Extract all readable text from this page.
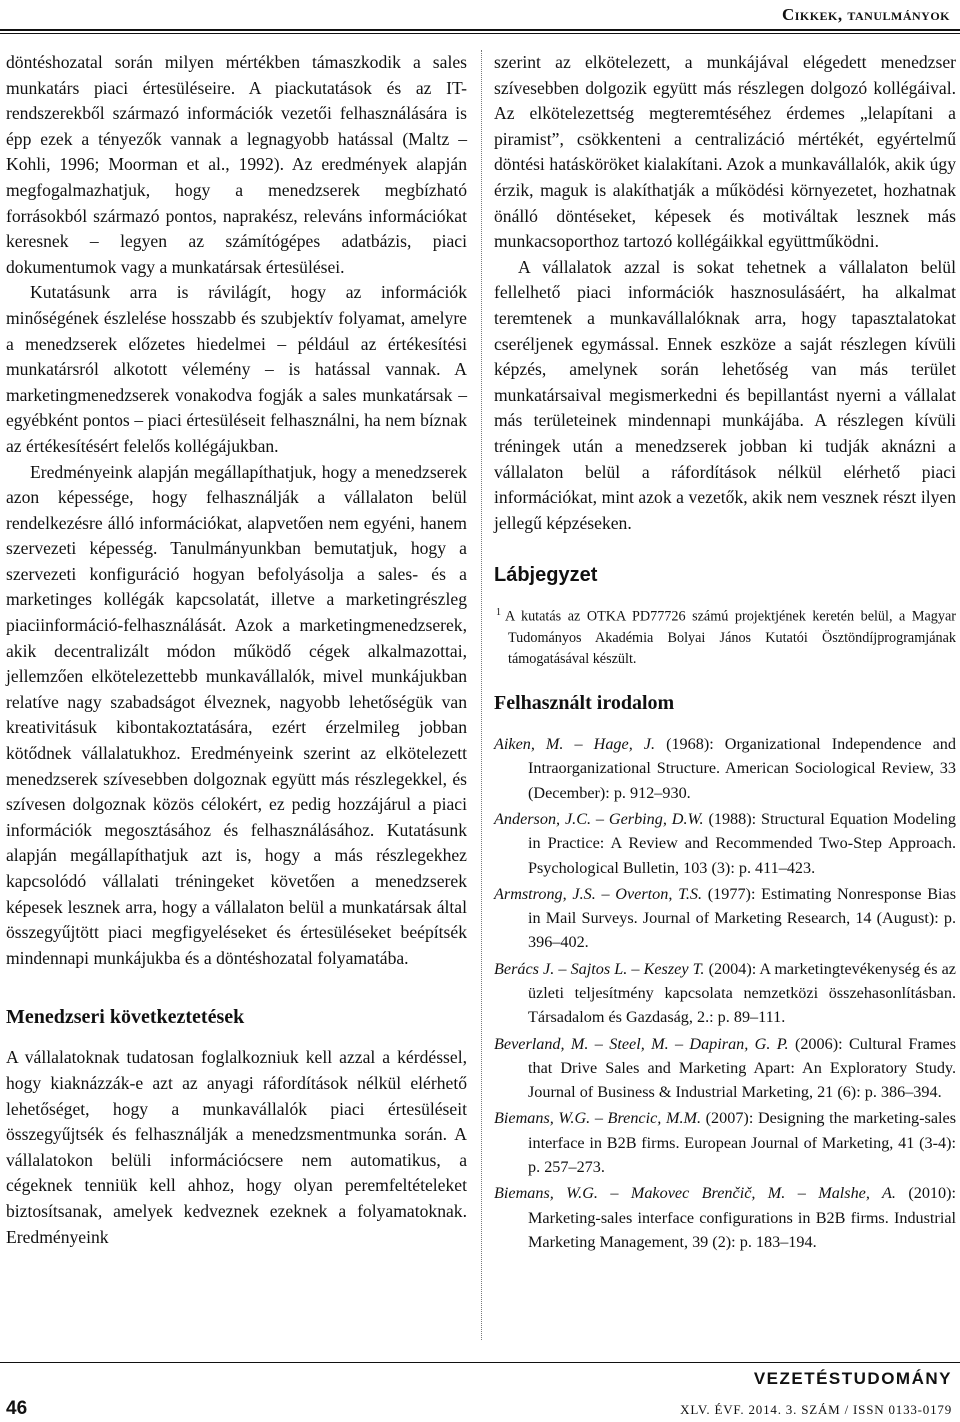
Cikkek, tanulmányok

döntéshozatal során milyen mértékben támaszkodik a sales munkatárs piaci értesüléseire. A piackutatások és az IT-rendszerekből származó információk vezetői felhasználására is épp ezek a tényezők vannak a legnagyobb hatással (Maltz – Kohli, 1996; Moorman et al., 1992). Az eredmények alapján megfogalmazhatjuk, hogy a menedzserek megbízható forrásokból származó pontos, naprakész, releváns információkat keresnek – legyen az számítógépes adatbázis, piaci dokumentumok vagy a munkatársak értesülései.

Kutatásunk arra is rávilágít, hogy az információk minőségének észlelése hosszabb és szubjektív folyamat, amelyre a menedzserek előzetes hiedelmei – például az értékesítési munkatársról alkotott vélemény – is hatással vannak. A marketingmenedzserek vonakodva fogják a sales munkatársak – egyébként pontos – piaci értesüléseit felhasználni, ha nem bíznak az értékesítésért felelős kollégájukban.

Eredményeink alapján megállapíthatjuk, hogy a menedzserek azon képessége, hogy felhasználják a vállalaton belül rendelkezésre álló információkat, alapvetően nem egyéni, hanem szervezeti képesség. Tanulmányunkban bemutatjuk, hogy a szervezeti konfiguráció hogyan befolyásolja a sales- és a marketinges kollégák kapcsolatát, illetve a marketingrészleg piaciinformáció-felhasználását. Azok a marketingmenedzserek, akik decentralizált módon működő cégek alkalmazottai, jellemzően elkötelezettebb munkavállalók, mivel munkájukban relatíve nagy szabadságot élveznek, nagyobb lehetőségük van kreativitásuk kibontakoztatására, ezért érzelmileg jobban kötődnek vállalatukhoz. Eredményeink szerint az elkötelezett menedzserek szívesebben dolgoznak együtt más részlegekkel, és szívesen dolgoznak közös célokért, ez pedig hozzájárul a piaci információk megosztásához és felhasználásához. Kutatásunk alapján megállapíthatjuk azt is, hogy a más részlegekhez kapcsolódó vállalati tréningeket követően a menedzserek képesek lesznek arra, hogy a vállalaton belül a munkatársak által összegyűjtött piaci megfigyeléseket és értesüléseket beépítsék mindennapi munkájukba és a döntéshozatal folyamatába.

Menedzseri következtetések

A vállalatoknak tudatosan foglalkozniuk kell azzal a kérdéssel, hogy kiaknázzák-e azt az anyagi ráfordítások nélkül elérhető lehetőséget, hogy a munkavállalók piaci értesüléseit összegyűjtsék és felhasználják a menedzsmentmunka során. A vállalatokon belüli információcsere nem automatikus, a cégeknek tenniük kell ahhoz, hogy olyan peremfeltételeket biztosítsanak, amelyek kedveznek ezeknek a folyamatoknak. Eredményeink

szerint az elkötelezett, a munkájával elégedett menedzser szívesebben dolgozik együtt más részlegen dolgozó kollégáival. Az elkötelezettség megteremtéséhez érdemes „lelapítani a piramist”, csökkenteni a centralizáció mértékét, egyértelmű döntési hatásköröket kialakítani. Azok a munkavállalók, akik úgy érzik, maguk is alakíthatják a működési környezetet, hozhatnak önálló döntéseket, képesek és motiváltak lesznek más munkacsoporthoz tartozó kollégáikkal együttműködni.

A vállalatok azzal is sokat tehetnek a vállalaton belül fellelhető piaci információk hasznosulásáért, ha alkalmat teremtenek a munkavállalóknak arra, hogy tapasztalatokat cseréljenek egymással. Ennek eszköze a saját részlegen kívüli képzés, amelynek során lehetőség van más terület munkatársaival megismerkedni és bepillantást nyerni a vállalat más területeinek mindennapi munkájába. A részlegen kívüli tréningek után a menedzserek jobban ki tudják aknázni a vállalaton belül a ráfordítások nélkül elérhető piaci információkat, mint azok a vezetők, akik nem vesznek részt ilyen jellegű képzéseken.

Lábjegyzet
$^1$ A kutatás az OTKA PD77726 számú projektjének keretén belül, a Magyar Tudományos Akadémia Bolyai János Kutatói Ösztöndíjprogramjának támogatásával készült.
Felhasznált irodalom
Aiken, M. – Hage, J. (1968): Organizational Independence and Intraorganizational Structure. American Sociological Review, 33 (December): p. 912–930.
Anderson, J.C. – Gerbing, D.W. (1988): Structural Equation Modeling in Practice: A Review and Recommended Two-Step Approach. Psychological Bulletin, 103 (3): p. 411–423.
Armstrong, J.S. – Overton, T.S. (1977): Estimating Nonresponse Bias in Mail Surveys. Journal of Marketing Research, 14 (August): p. 396–402.
Berács J. – Sajtos L. – Keszey T. (2004): A marketingtevékenység és az üzleti teljesítmény kapcsolata nemzetközi összehasonlításban. Társadalom és Gazdaság, 2.: p. 89–111.
Beverland, M. – Steel, M. – Dapiran, G. P. (2006): Cultural Frames that Drive Sales and Marketing Apart: An Exploratory Study. Journal of Business & Industrial Marketing, 21 (6): p. 386–394.
Biemans, W.G. – Brencic, M.M. (2007): Designing the marketing-sales interface in B2B firms. European Journal of Marketing, 41 (3-4): p. 257–273.
Biemans, W.G. – Makovec Brenčič, M. – Malshe, A. (2010): Marketing-sales interface configurations in B2B firms. Industrial Marketing Management, 39 (2): p. 183–194.
46
VEZETÉSTUDOMÁNY
XLV. ÉVF. 2014. 3. SZÁM / ISSN 0133-0179
